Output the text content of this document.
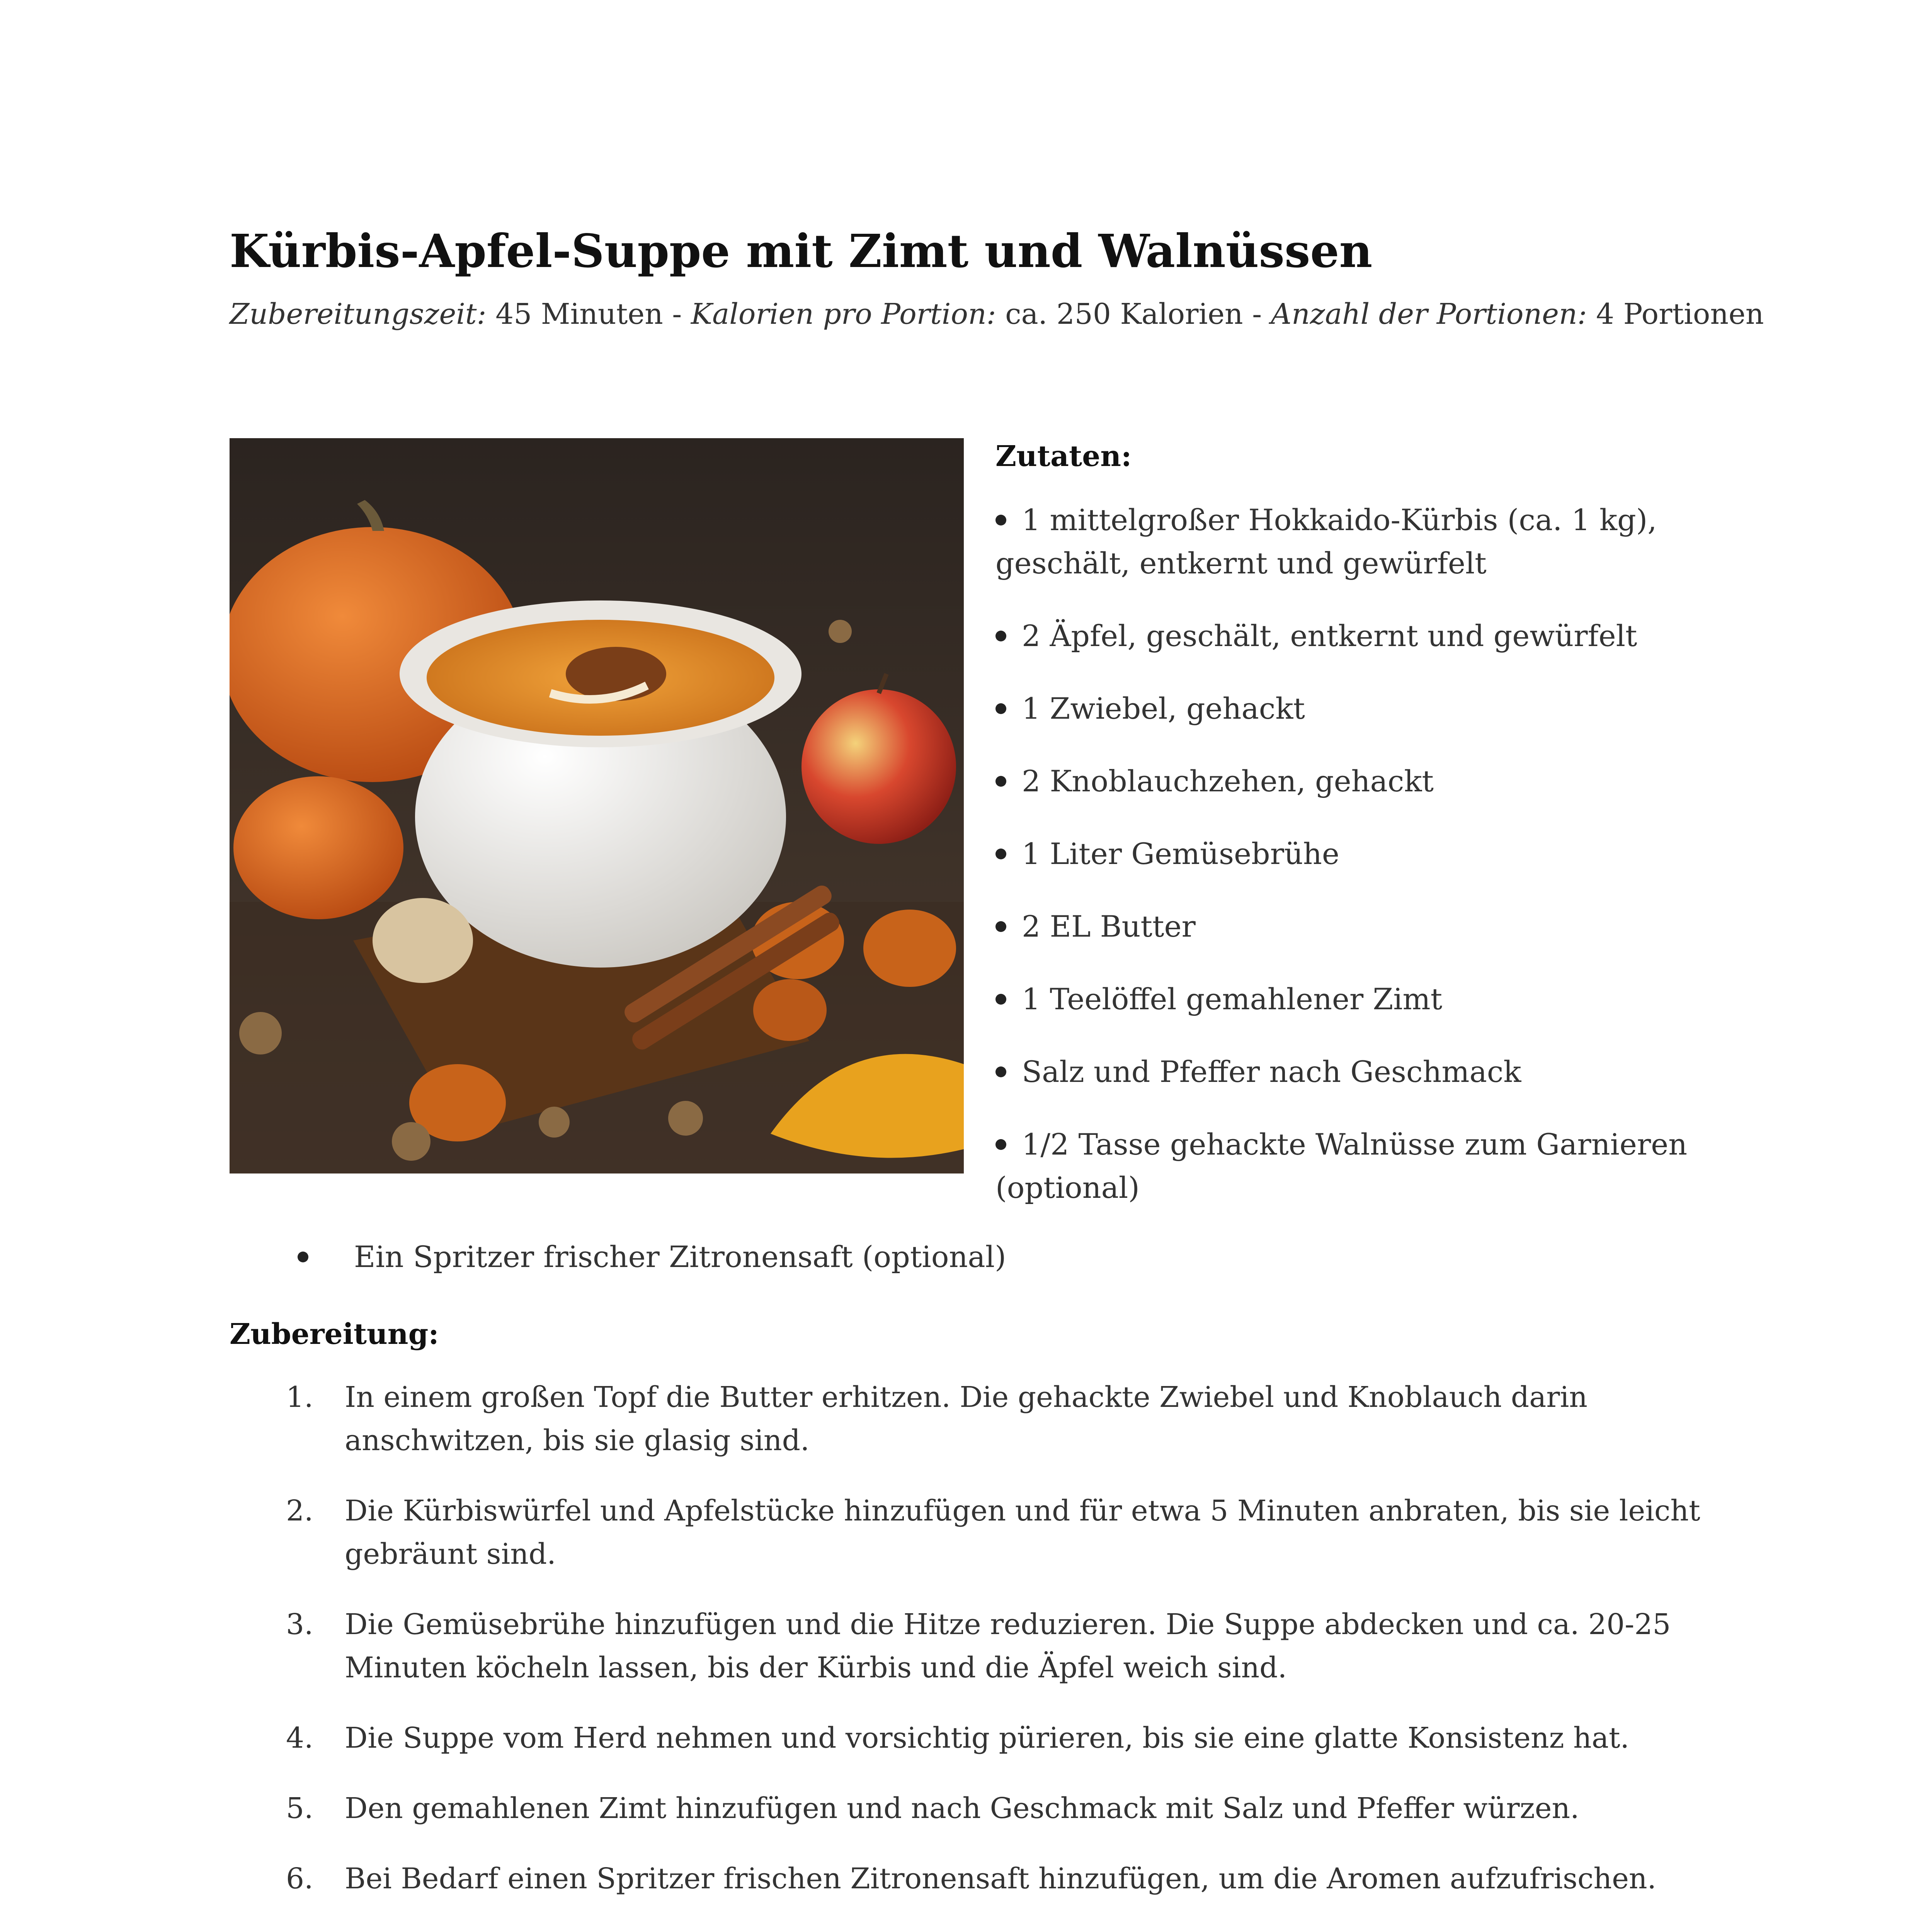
Kürbis-Apfel-Suppe mit Zimt und Walnüssen
Zubereitungszeit: 45 Minuten - Kalorien pro Portion: ca. 250 Kalorien - Anzahl der Portionen: 4 Portionen
Zutaten:
1 mittelgroßer Hokkaido-Kürbis (ca. 1 kg), geschält, entkernt und gewürfelt
2 Äpfel, geschält, entkernt und gewürfelt
1 Zwiebel, gehackt
2 Knoblauchzehen, gehackt
1 Liter Gemüsebrühe
2 EL Butter
1 Teelöffel gemahlener Zimt
Salz und Pfeffer nach Geschmack
1/2 Tasse gehackte Walnüsse zum Garnieren (optional)
Ein Spritzer frischer Zitronensaft (optional)
Zubereitung:
1.	In einem großen Topf die Butter erhitzen. Die gehackte Zwiebel und Knoblauch darin anschwitzen, bis sie glasig sind.
2.	Die Kürbiswürfel und Apfelstücke hinzufügen und für etwa 5 Minuten anbraten, bis sie leicht gebräunt sind.
3.	Die Gemüsebrühe hinzufügen und die Hitze reduzieren. Die Suppe abdecken und ca. 20-25 Minuten köcheln lassen, bis der Kürbis und die Äpfel weich sind.
4.	Die Suppe vom Herd nehmen und vorsichtig pürieren, bis sie eine glatte Konsistenz hat.
5.	Den gemahlenen Zimt hinzufügen und nach Geschmack mit Salz und Pfeffer würzen.
6.	Bei Bedarf einen Spritzer frischen Zitronensaft hinzufügen, um die Aromen aufzufrischen.
